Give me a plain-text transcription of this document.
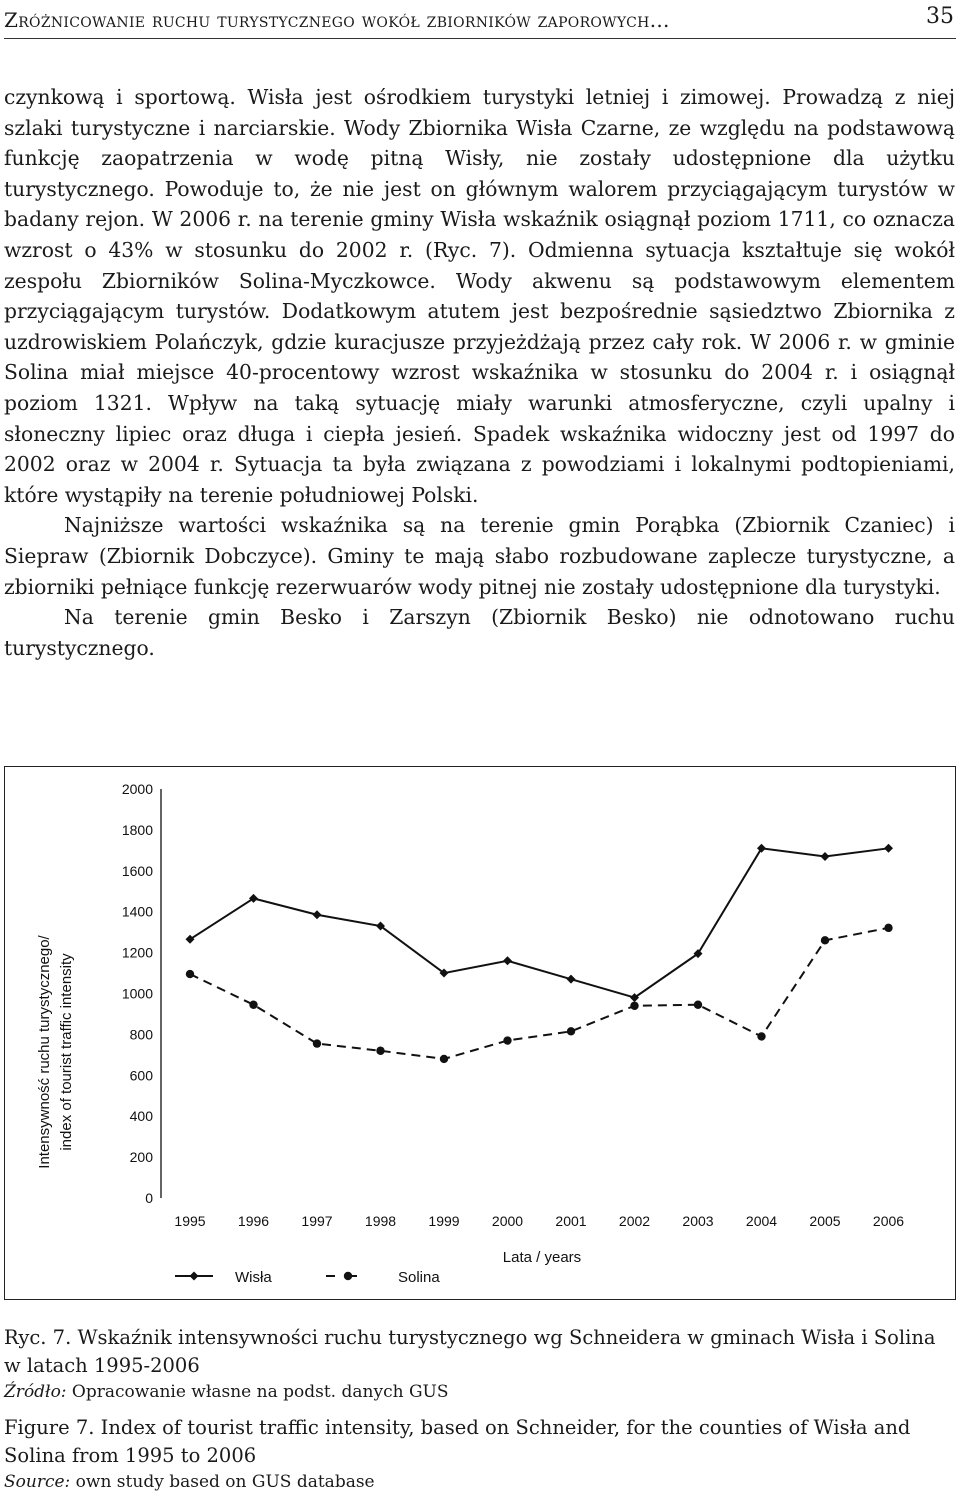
Zróżnicowanie ruchu turystycznego wokół zbiorników zaporowych...	35

czynkową i sportową. Wisła jest ośrodkiem turystyki letniej i zimowej. Prowadzą z niej szlaki turystyczne i narciarskie. Wody Zbiornika Wisła Czarne, ze względu na podstawową funkcję zaopatrzenia w wodę pitną Wisły, nie zostały udostępnione dla użytku turystycznego. Powoduje to, że nie jest on głównym walorem przyciągającym turystów w badany rejon. W 2006 r. na terenie gminy Wisła wskaźnik osiągnął poziom 1711, co oznacza wzrost o 43% w stosunku do 2002 r. (Ryc. 7). Odmienna sytuacja kształtuje się wokół zespołu Zbiorników Solina-Myczkowce. Wody akwenu są podstawowym elementem przyciągającym turystów. Dodatkowym atutem jest bezpośrednie sąsiedztwo Zbiornika z uzdrowiskiem Polańczyk, gdzie kuracjusze przyjeżdżają przez cały rok. W 2006 r. w gminie Solina miał miejsce 40-procentowy wzrost wskaźnika w stosunku do 2004 r. i osiągnął poziom 1321. Wpływ na taką sytuację miały warunki atmosferyczne, czyli upalny i słoneczny lipiec oraz długa i ciepła jesień. Spadek wskaźnika widoczny jest od 1997 do 2002 oraz w 2004 r. Sytuacja ta była związana z powodziami i lokalnymi podtopieniami, które wystąpiły na terenie południowej Polski.

Najniższe wartości wskaźnika są na terenie gmin Porąbka (Zbiornik Czaniec) i Siepraw (Zbiornik Dobczyce). Gminy te mają słabo rozbudowane zaplecze turystyczne, a zbiorniki pełniące funkcję rezerwuarów wody pitnej nie zostały udostępnione dla turystyki.

Na terenie gmin Besko i Zarszyn (Zbiornik Besko) nie odnotowano ruchu turystycznego.

0
200
400
600
800
1000
1200
1400
1600
1800
2000
Intensywność ruchu turystycznego/ index of tourist traffic intensity
1995 1996 1997 1998 1999 2000 2001 2002 2003 2004 2005 2006
Lata / years
Wisła	Solina

Ryc. 7. Wskaźnik intensywności ruchu turystycznego wg Schneidera w gminach Wisła i Solina w latach 1995-2006

Źródło: Opracowanie własne na podst. danych GUS

Figure 7. Index of tourist traffic intensity, based on Schneider, for the counties of Wisła and Solina from 1995 to 2006

Source: own study based on GUS database
